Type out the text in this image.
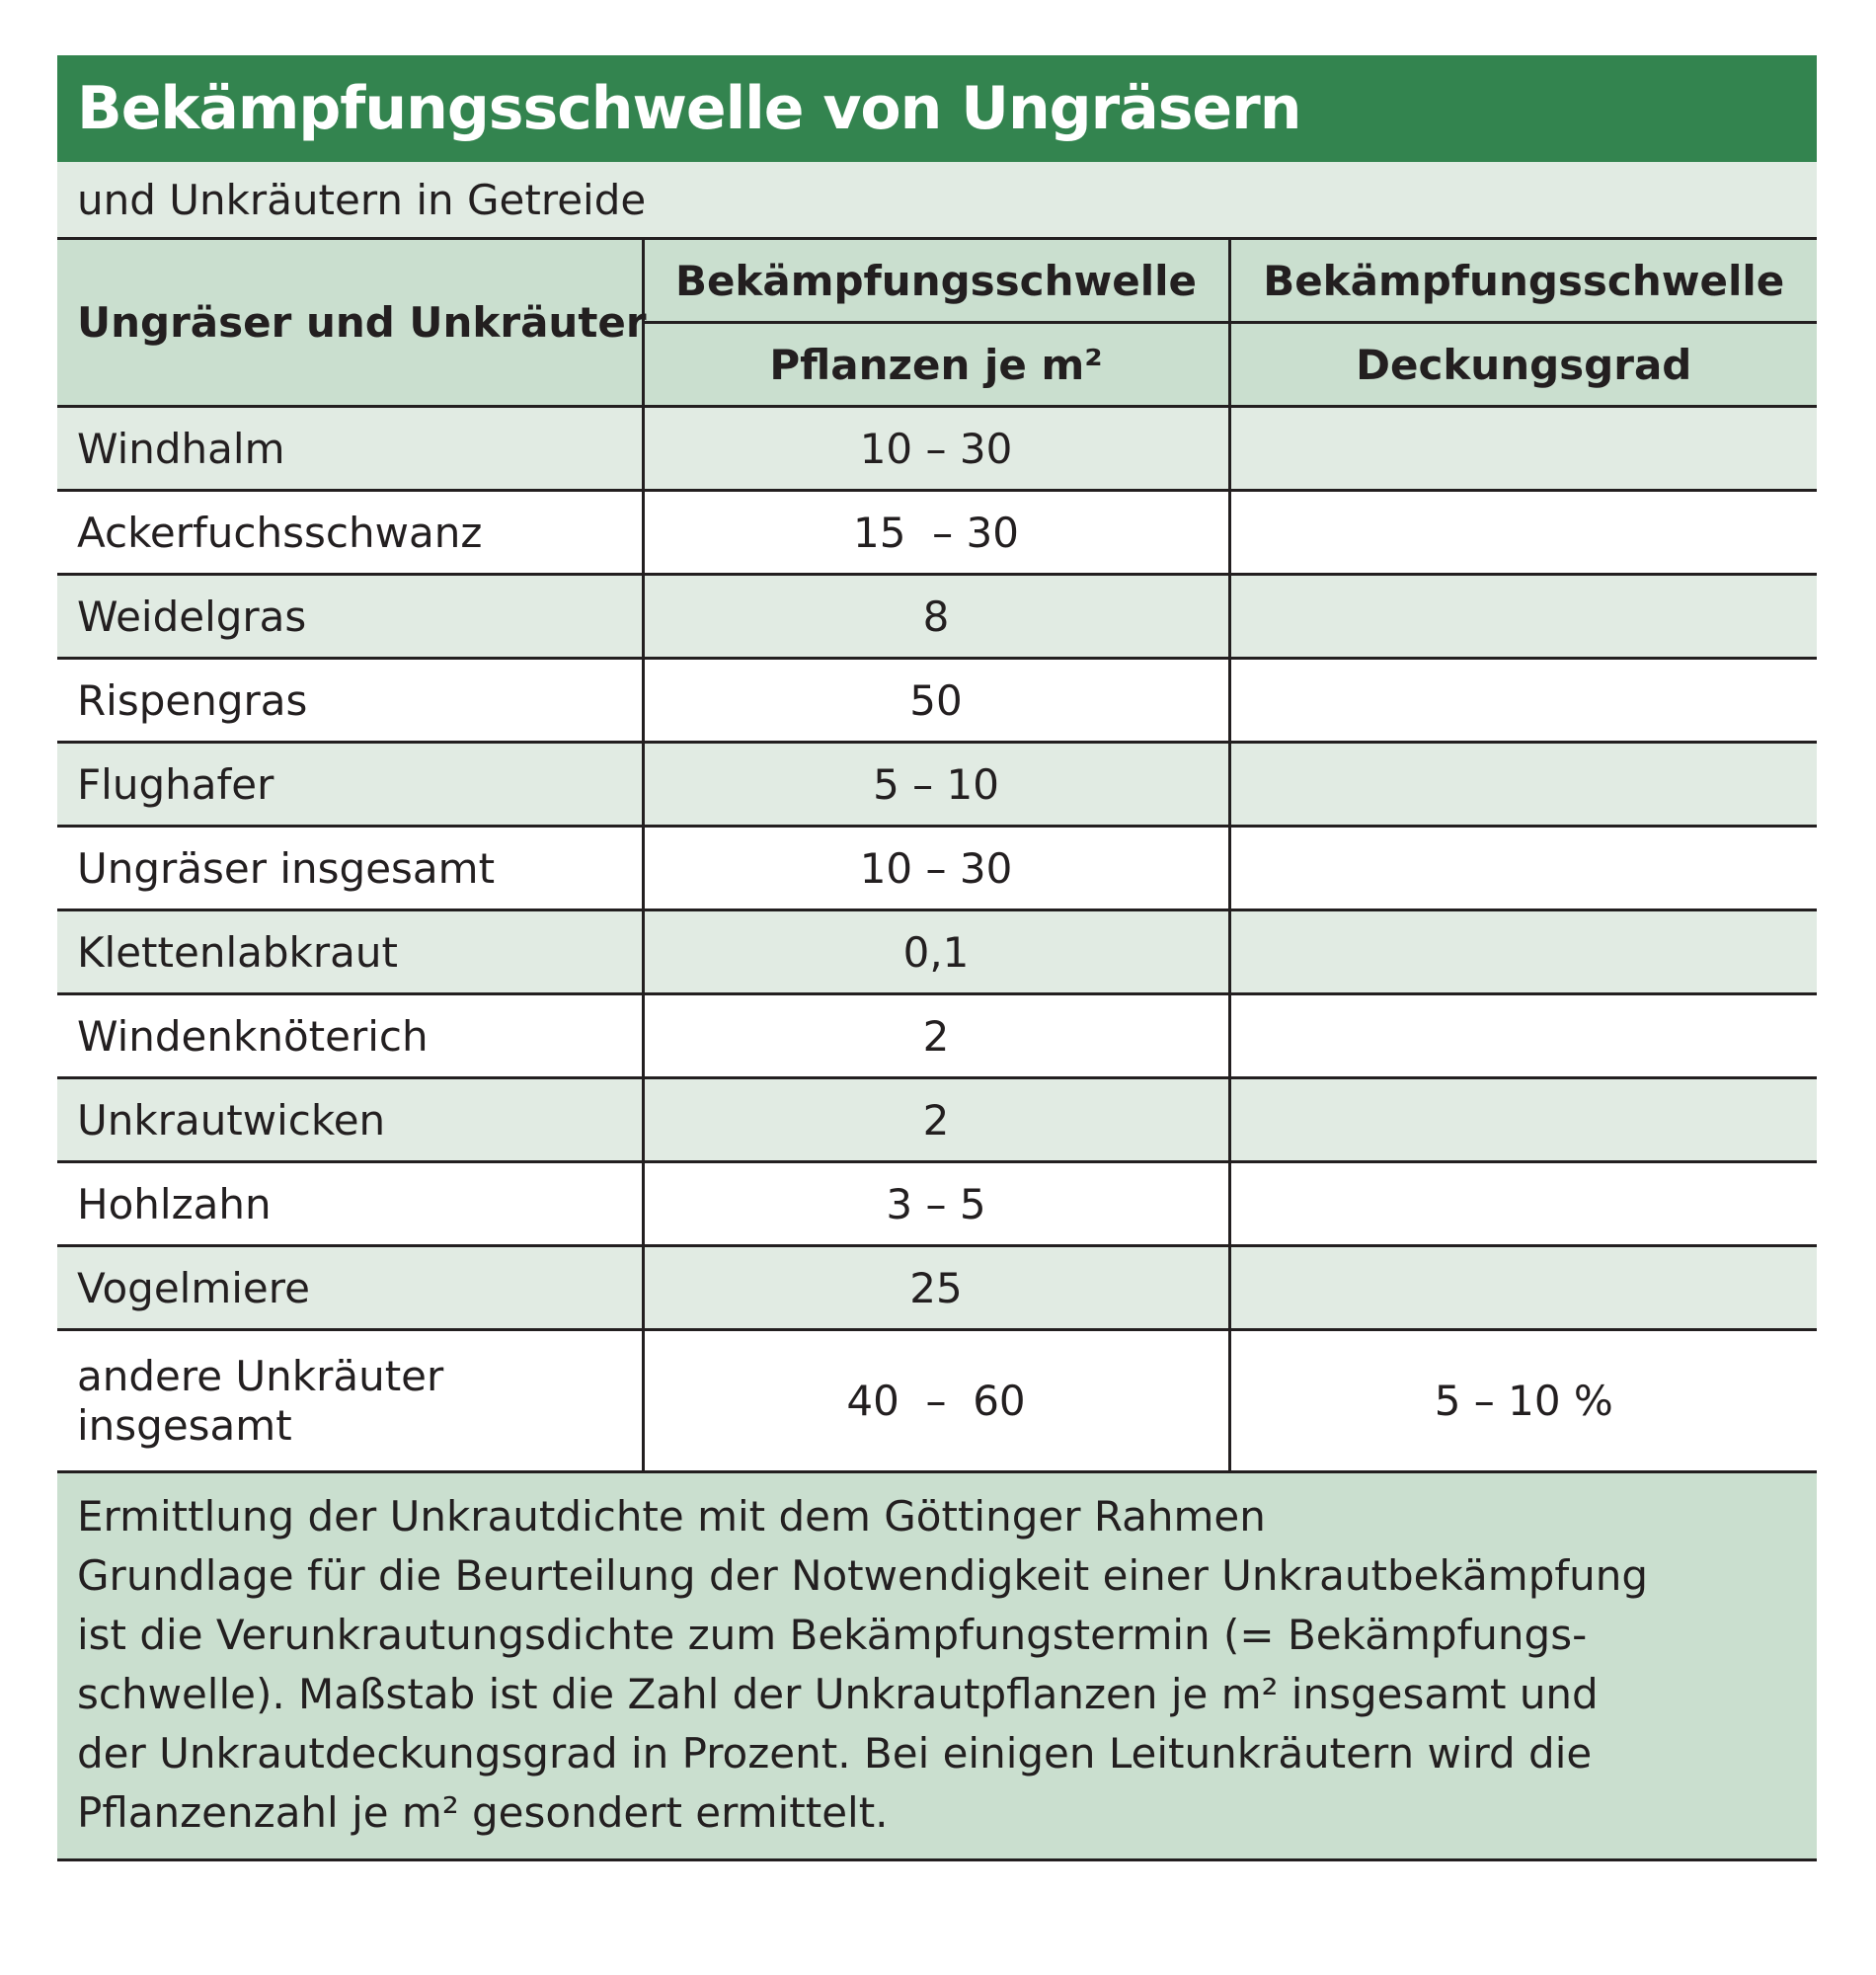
Bekämpfungsschwelle von Ungräsern
und Unkräutern in Getreide
Ungräser und Unkräuter	Bekämpfungsschwelle	Bekämpfungsschwelle
	Pflanzen je m²	Deckungsgrad
Windhalm	10 – 30	
Ackerfuchsschwanz	15  – 30	
Weidelgras	8	
Rispengras	50	
Flughafer	5 – 10	
Ungräser insgesamt	10 – 30	
Klettenlabkraut	0,1	
Windenknöterich	2	
Unkrautwicken	2	
Hohlzahn	3 – 5	
Vogelmiere	25	
andere Unkräuter insgesamt	40  –  60	5 – 10 %
Ermittlung der Unkrautdichte mit dem Göttinger Rahmen
Grundlage für die Beurteilung der Notwendigkeit einer Unkrautbekämpfung
ist die Verunkrautungsdichte zum Bekämpfungstermin (= Bekämpfungs-
schwelle). Maßstab ist die Zahl der Unkrautpflanzen je m² insgesamt und
der Unkrautdeckungsgrad in Prozent. Bei einigen Leitunkräutern wird die
Pflanzenzahl je m² gesondert ermittelt.
